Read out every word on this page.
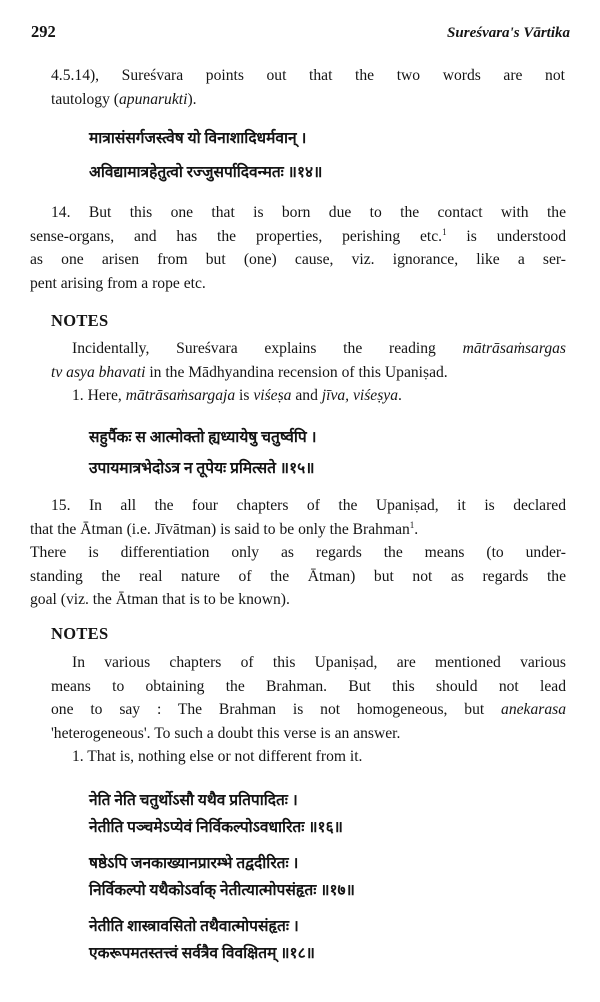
292	Sureśvara's Vārtika
4.5.14), Sureśvara points out that the two words are not
tautology (apunarukti).
मात्रासंसर्गजस्त्वेष यो विनाशादिधर्मवान् ।
अविद्यामात्रहेतुत्वो रज्जुसर्पादिवन्मतः ॥१४॥
14. But this one that is born due to the contact with the
sense-organs, and has the properties, perishing etc.$^1$ is understood
as one arisen from but (one) cause, viz. ignorance, like a ser-
pent arising from a rope etc.
NOTES
Incidentally, Sureśvara explains the reading mātrāsaṁsargas
tv asya bhavati in the Mādhyandina recension of this Upaniṣad.
1. Here, mātrāsaṁsargaja is viśeṣa and jīva, viśeṣya.
सहुर्पैकः स आत्मोक्तो ह्यध्यायेषु चतुर्ष्वपि ।
उपायमात्रभेदोऽत्र न तूपेयः प्रमित्सते ॥१५॥
15. In all the four chapters of the Upaniṣad, it is declared
that the Ātman (i.e. Jīvātman) is said to be only the Brahman$^1$.
There is differentiation only as regards the means (to under-
standing the real nature of the Ātman) but not as regards the
goal (viz. the Ātman that is to be known).
NOTES
In various chapters of this Upaniṣad, are mentioned various
means to obtaining the Brahman. But this should not lead
one to say : The Brahman is not homogeneous, but anekarasa
'heterogeneous'. To such a doubt this verse is an answer.
1. That is, nothing else or not different from it.
नेति नेति चतुर्थोऽसौ यथैव प्रतिपादितः ।
नेतीति पञ्चमेऽप्येवं निर्विकल्पोऽवधारितः ॥१६॥
षष्ठेऽपि जनकाख्यानप्रारम्भे तद्वदीरितः ।
निर्विकल्पो यथैकोऽर्वाक् नेतीत्यात्मोपसंहृतः ॥१७॥
नेतीति शास्त्रावसितो तथैवात्मोपसंहृतः ।
एकरूपमतस्तत्त्वं सर्वत्रैव विवक्षितम् ॥१८॥
